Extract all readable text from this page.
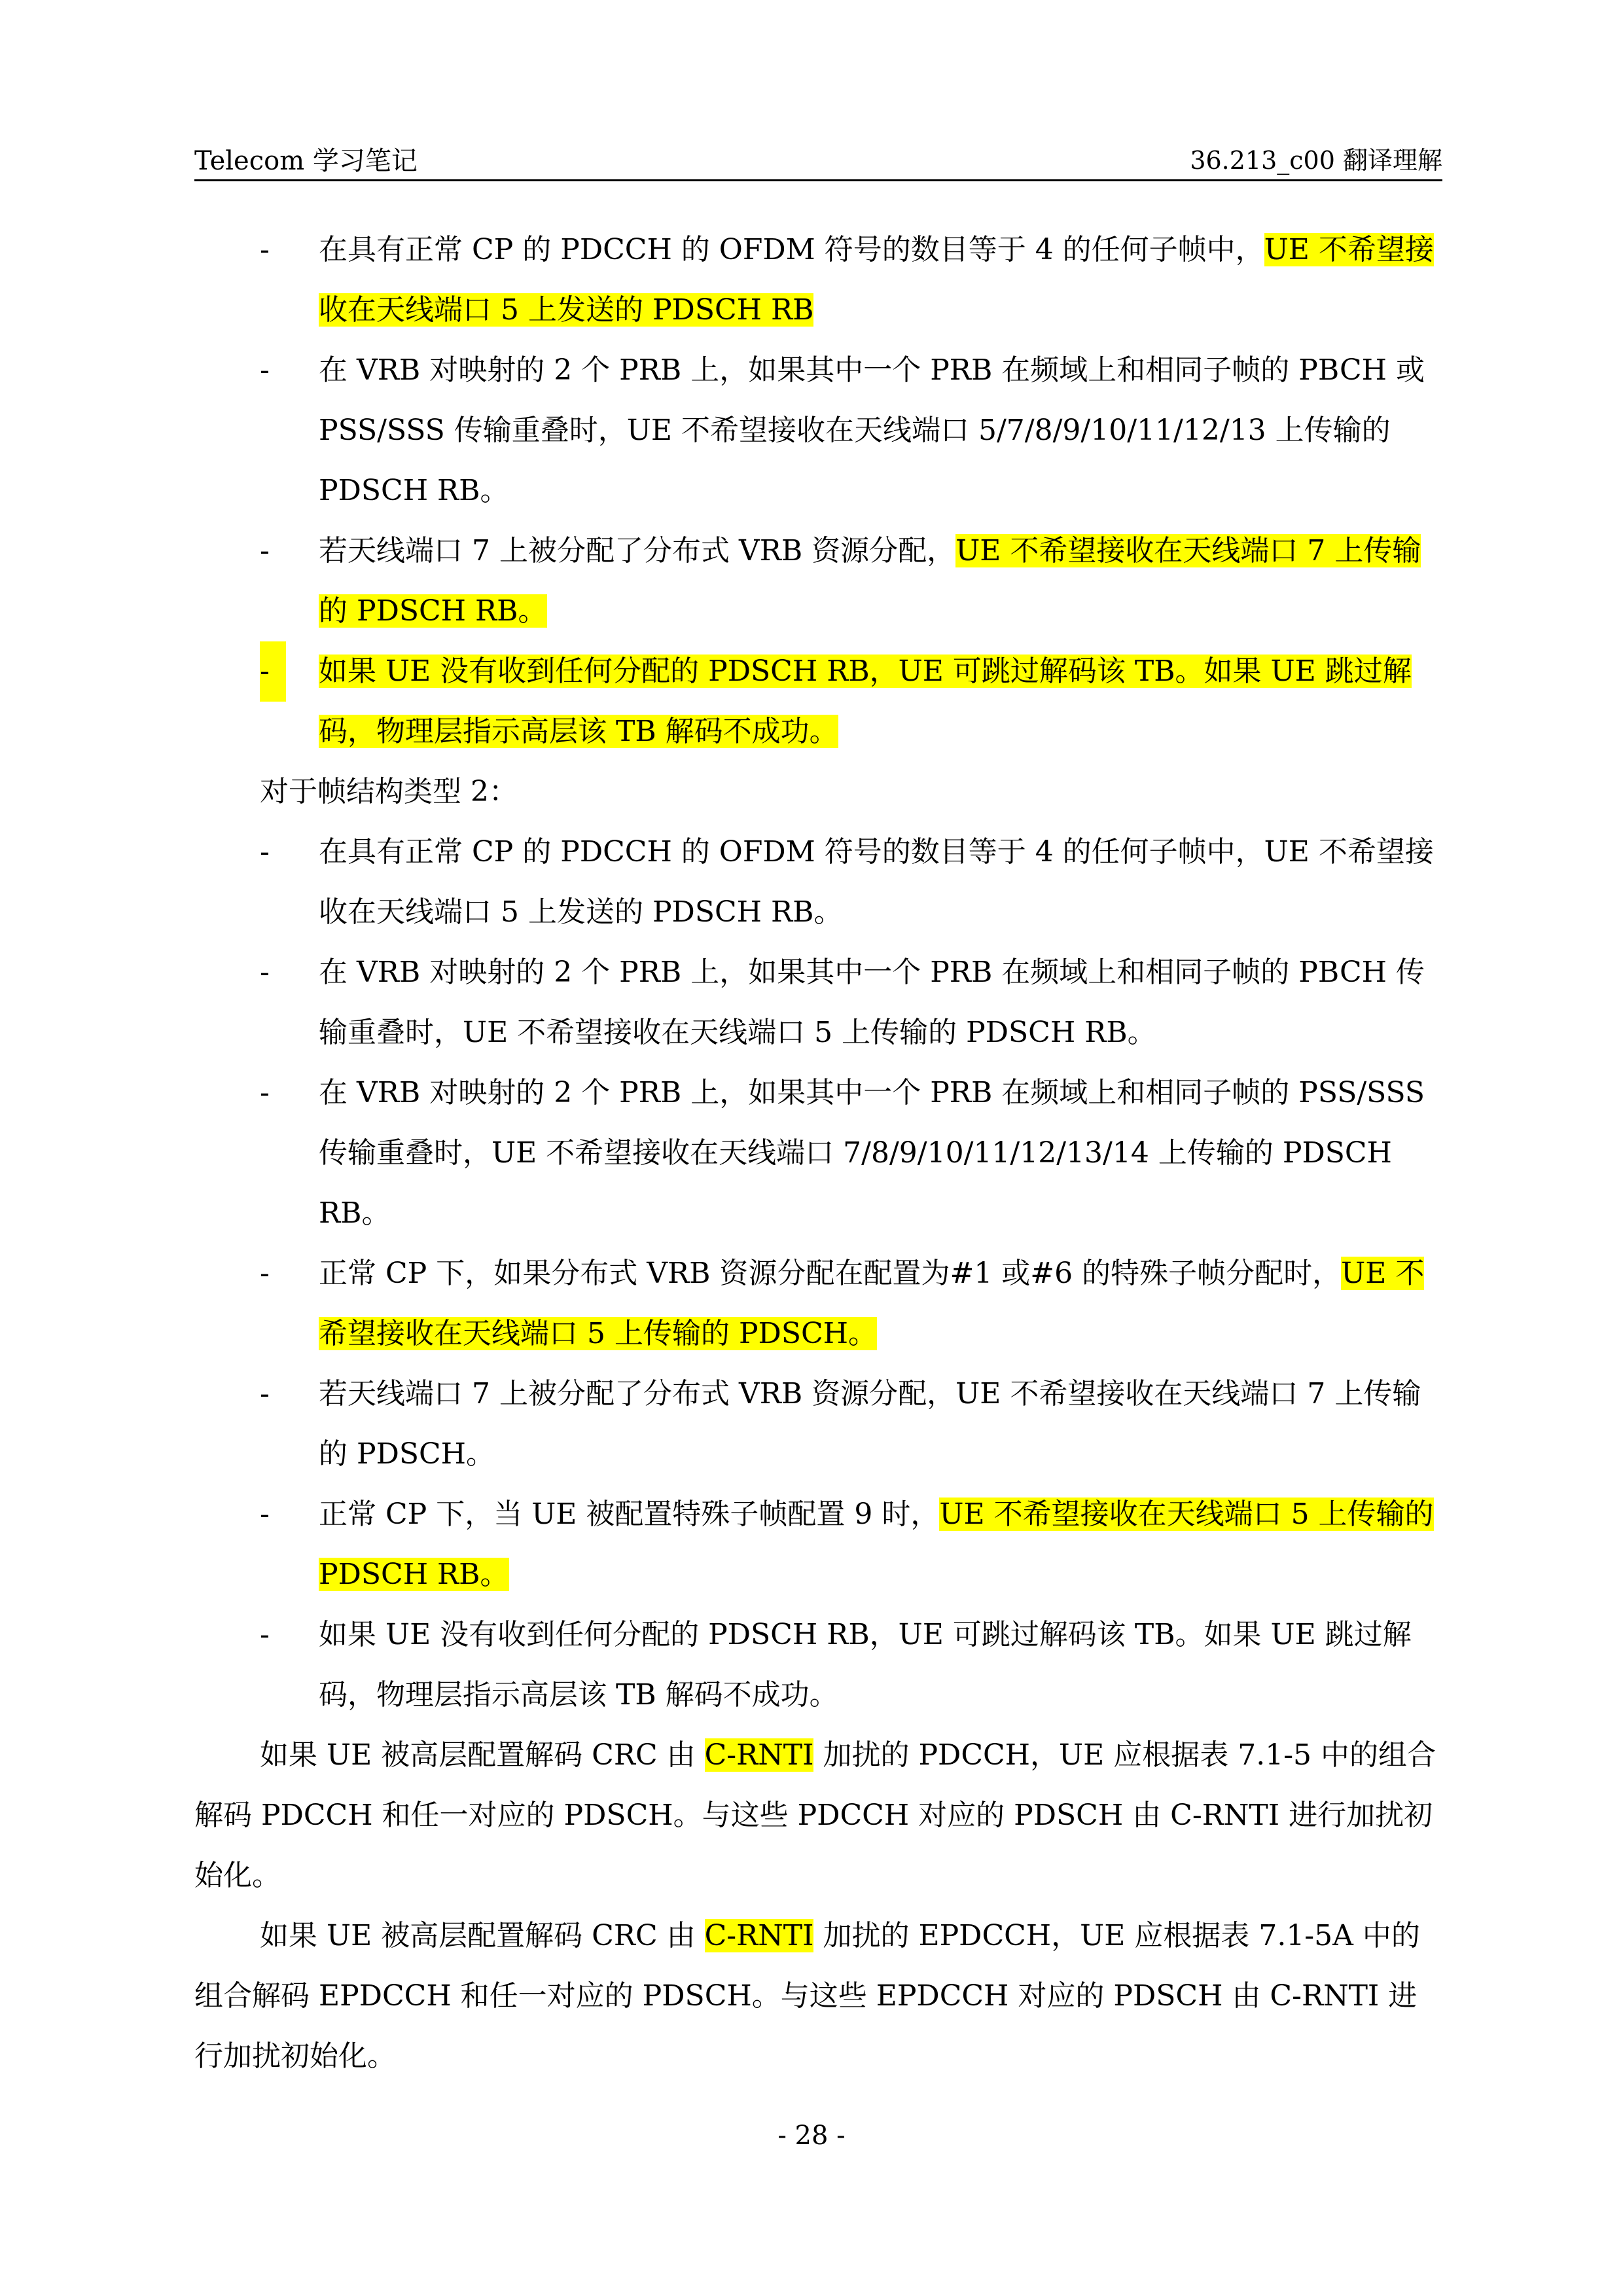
Telecom 学习笔记	36.213_c00 翻译理解
-	在具有正常 CP 的 PDCCH 的 OFDM 符号的数目等于 4 的任何子帧中，UE 不希望接收在天线端口 5 上发送的 PDSCH RB
-	在 VRB 对映射的 2 个 PRB 上，如果其中一个 PRB 在频域上和相同子帧的 PBCH 或 PSS/SSS 传输重叠时，UE 不希望接收在天线端口 5/7/8/9/10/11/12/13 上传输的 PDSCH RB。
-	若天线端口 7 上被分配了分布式 VRB 资源分配，UE 不希望接收在天线端口 7 上传输的 PDSCH RB。
-	如果 UE 没有收到任何分配的 PDSCH RB，UE 可跳过解码该 TB。如果 UE 跳过解码，物理层指示高层该 TB 解码不成功。
对于帧结构类型 2：
-	在具有正常 CP 的 PDCCH 的 OFDM 符号的数目等于 4 的任何子帧中，UE 不希望接收在天线端口 5 上发送的 PDSCH RB。
-	在 VRB 对映射的 2 个 PRB 上，如果其中一个 PRB 在频域上和相同子帧的 PBCH 传输重叠时，UE 不希望接收在天线端口 5 上传输的 PDSCH RB。
-	在 VRB 对映射的 2 个 PRB 上，如果其中一个 PRB 在频域上和相同子帧的 PSS/SSS 传输重叠时，UE 不希望接收在天线端口 7/8/9/10/11/12/13/14 上传输的 PDSCH RB。
-	正常 CP 下，如果分布式 VRB 资源分配在配置为#1 或#6 的特殊子帧分配时，UE 不希望接收在天线端口 5 上传输的 PDSCH。
-	若天线端口 7 上被分配了分布式 VRB 资源分配，UE 不希望接收在天线端口 7 上传输的 PDSCH。
-	正常 CP 下，当 UE 被配置特殊子帧配置 9 时，UE 不希望接收在天线端口 5 上传输的 PDSCH RB。
-	如果 UE 没有收到任何分配的 PDSCH RB，UE 可跳过解码该 TB。如果 UE 跳过解码，物理层指示高层该 TB 解码不成功。
如果 UE 被高层配置解码 CRC 由 C-RNTI 加扰的 PDCCH，UE 应根据表 7.1-5 中的组合解码 PDCCH 和任一对应的 PDSCH。与这些 PDCCH 对应的 PDSCH 由 C-RNTI 进行加扰初始化。
如果 UE 被高层配置解码 CRC 由 C-RNTI 加扰的 EPDCCH，UE 应根据表 7.1-5A 中的组合解码 EPDCCH 和任一对应的 PDSCH。与这些 EPDCCH 对应的 PDSCH 由 C-RNTI 进行加扰初始化。
- 28 -
